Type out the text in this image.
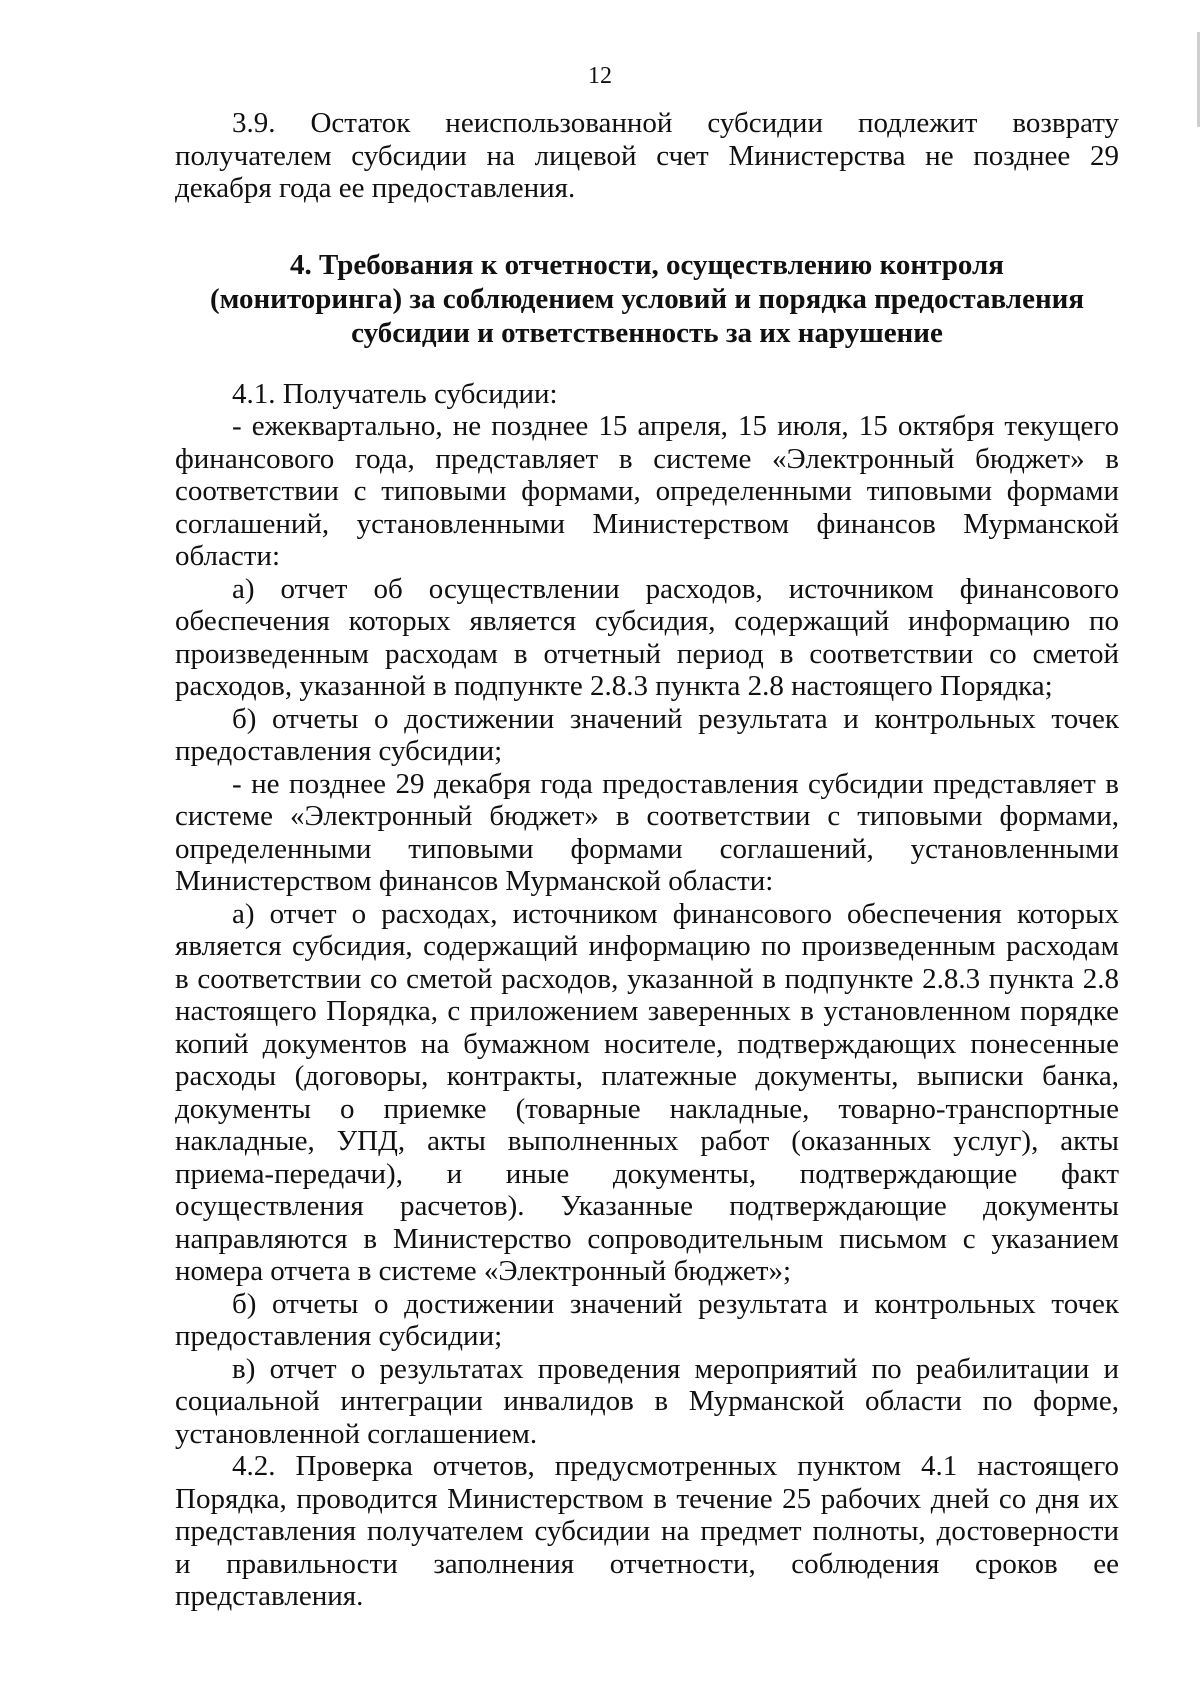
12

3.9. Остаток неиспользованной субсидии подлежит возврату получателем субсидии на лицевой счет Министерства не позднее 29 декабря года ее предоставления.

4. Требования к отчетности, осуществлению контроля
(мониторинга) за соблюдением условий и порядка предоставления
субсидии и ответственность за их нарушение

4.1. Получатель субсидии:

- ежеквартально, не позднее 15 апреля, 15 июля, 15 октября текущего финансового года, представляет в системе «Электронный бюджет» в соответствии с типовыми формами, определенными типовыми формами соглашений, установленными Министерством финансов Мурманской области:

а) отчет об осуществлении расходов, источником финансового обеспечения которых является субсидия, содержащий информацию по произведенным расходам в отчетный период в соответствии со сметой расходов, указанной в подпункте 2.8.3 пункта 2.8 настоящего Порядка;

б) отчеты о достижении значений результата и контрольных точек предоставления субсидии;

- не позднее 29 декабря года предоставления субсидии представляет в системе «Электронный бюджет» в соответствии с типовыми формами, определенными типовыми формами соглашений, установленными Министерством финансов Мурманской области:

а) отчет о расходах, источником финансового обеспечения которых является субсидия, содержащий информацию по произведенным расходам в соответствии со сметой расходов, указанной в подпункте 2.8.3 пункта 2.8 настоящего Порядка, с приложением заверенных в установленном порядке копий документов на бумажном носителе, подтверждающих понесенные расходы (договоры, контракты, платежные документы, выписки банка, документы о приемке (товарные накладные, товарно-транспортные накладные, УПД, акты выполненных работ (оказанных услуг), акты приема-передачи), и иные документы, подтверждающие факт осуществления расчетов). Указанные подтверждающие документы направляются в Министерство сопроводительным письмом с указанием номера отчета в системе «Электронный бюджет»;

б) отчеты о достижении значений результата и контрольных точек предоставления субсидии;

в) отчет о результатах проведения мероприятий по реабилитации и социальной интеграции инвалидов в Мурманской области по форме, установленной соглашением.

4.2. Проверка отчетов, предусмотренных пунктом 4.1 настоящего Порядка, проводится Министерством в течение 25 рабочих дней со дня их представления получателем субсидии на предмет полноты, достоверности и правильности заполнения отчетности, соблюдения сроков ее представления.
